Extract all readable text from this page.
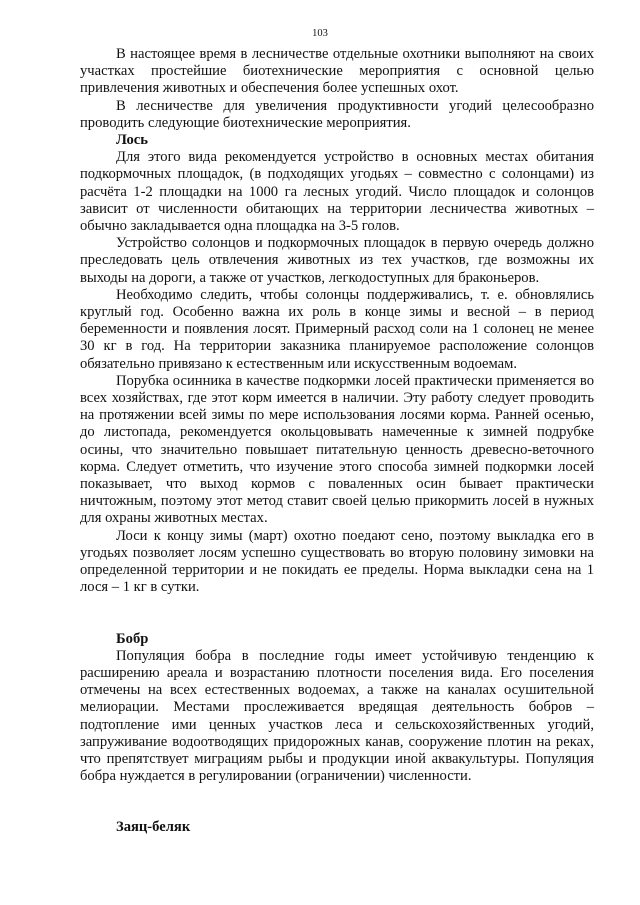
103

В настоящее время в лесничестве отдельные охотники выполняют на своих участках простейшие биотехнические мероприятия с основной целью привлечения животных и обеспечения более успешных охот.

В лесничестве для увеличения продуктивности угодий целесообразно проводить следующие биотехнические мероприятия.

Лось

Для этого вида рекомендуется устройство в основных местах обитания подкормочных площадок, (в подходящих угодьях – совместно с солонцами) из расчёта 1-2 площадки на 1000 га лесных угодий. Число площадок и солонцов зависит от численности обитающих на территории лесничества животных – обычно закладывается одна площадка на 3-5 голов.

Устройство солонцов и подкормочных площадок в первую очередь должно преследовать цель отвлечения животных из тех участков, где возможны их выходы на дороги, а также от участков, легкодоступных для браконьеров.

Необходимо следить, чтобы солонцы поддерживались, т. е. обновлялись круглый год. Особенно важна их роль в конце зимы и весной – в период беременности и появления лосят. Примерный расход соли на 1 солонец не менее 30 кг в год. На территории заказника планируемое расположение солонцов обязательно привязано к естественным или искусственным водоемам.

Порубка осинника в качестве подкормки лосей практически применяется во всех хозяйствах, где этот корм имеется в наличии. Эту работу следует проводить на протяжении всей зимы по мере использования лосями корма. Ранней осенью, до листопада, рекомендуется окольцовывать намеченные к зимней подрубке осины, что значительно повышает питательную ценность древесно-веточного корма. Следует отметить, что изучение этого способа зимней подкормки лосей показывает, что выход кормов с поваленных осин бывает практически ничтожным, поэтому этот метод ставит своей целью прикормить лосей в нужных для охраны животных местах.

Лоси к концу зимы (март) охотно поедают сено, поэтому выкладка его в угодьях позволяет лосям успешно существовать во вторую половину зимовки на определенной территории и не покидать ее пределы. Норма выкладки сена на 1 лося – 1 кг в сутки.

Бобр

Популяция бобра в последние годы имеет устойчивую тенденцию к расширению ареала и возрастанию плотности поселения вида. Его поселения отмечены на всех естественных водоемах, а также на каналах осушительной мелиорации. Местами прослеживается вредящая деятельность бобров – подтопление ими ценных участков леса и сельскохозяйственных угодий, запруживание водоотводящих придорожных канав, сооружение плотин на реках, что препятствует миграциям рыбы и продукции иной аквакультуры. Популяция бобра нуждается в регулировании (ограничении) численности.

Заяц-беляк
